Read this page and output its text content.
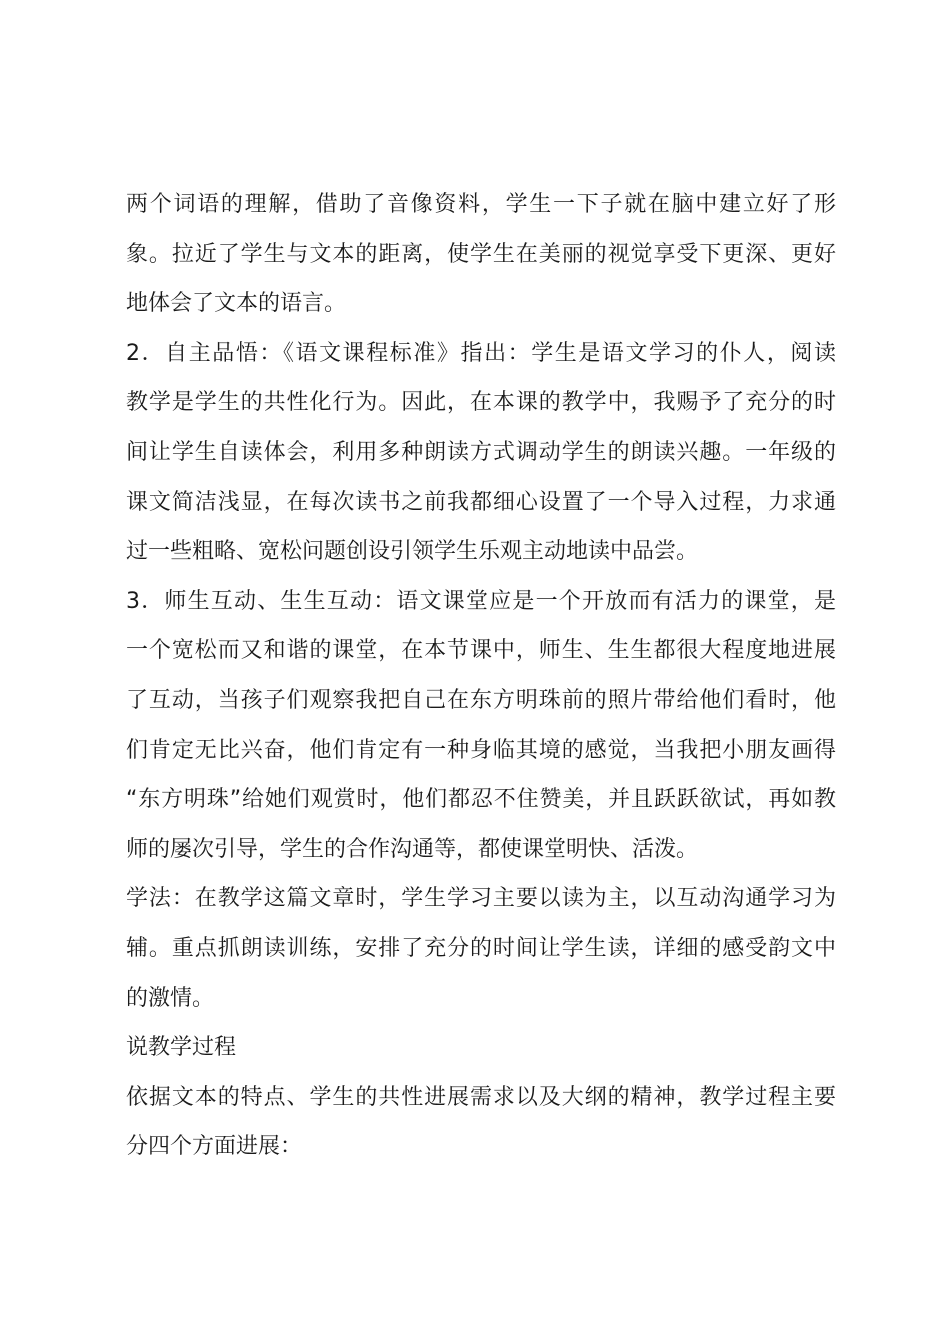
两个词语的理解，借助了音像资料，学生一下子就在脑中建立好了形
象。拉近了学生与文本的距离，使学生在美丽的视觉享受下更深、更好
地体会了文本的语言。
2．自主品悟：《语文课程标准》指出：学生是语文学习的仆人，阅读
教学是学生的共性化行为。因此，在本课的教学中，我赐予了充分的时
间让学生自读体会，利用多种朗读方式调动学生的朗读兴趣。一年级的
课文简洁浅显，在每次读书之前我都细心设置了一个导入过程，力求通
过一些粗略、宽松问题创设引领学生乐观主动地读中品尝。
3．师生互动、生生互动：语文课堂应是一个开放而有活力的课堂，是
一个宽松而又和谐的课堂，在本节课中，师生、生生都很大程度地进展
了互动，当孩子们观察我把自己在东方明珠前的照片带给他们看时，他
们肯定无比兴奋，他们肯定有一种身临其境的感觉，当我把小朋友画得
“东方明珠”给她们观赏时，他们都忍不住赞美，并且跃跃欲试，再如教
师的屡次引导，学生的合作沟通等，都使课堂明快、活泼。
学法：在教学这篇文章时，学生学习主要以读为主，以互动沟通学习为
辅。重点抓朗读训练，安排了充分的时间让学生读，详细的感受韵文中
的激情。
说教学过程
依据文本的特点、学生的共性进展需求以及大纲的精神，教学过程主要
分四个方面进展：
